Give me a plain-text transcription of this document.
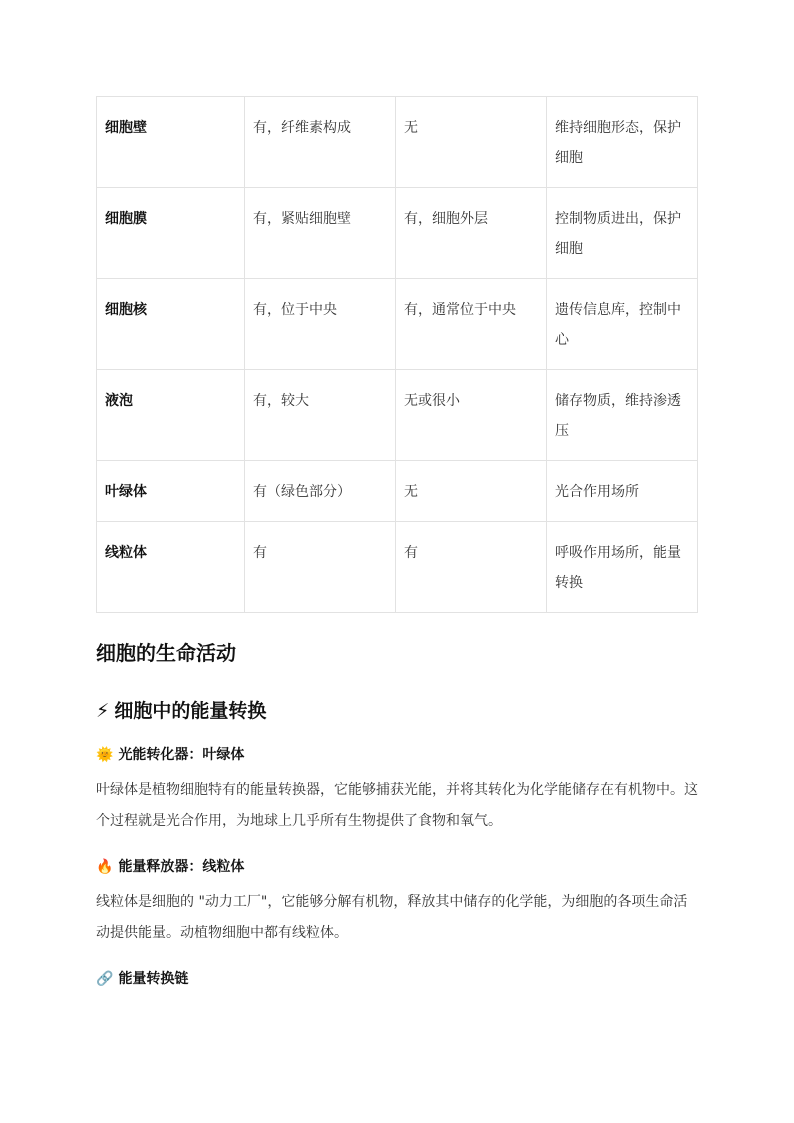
细胞壁	有，纤维素构成	无	维持细胞形态，保护细胞
细胞膜	有，紧贴细胞壁	有，细胞外层	控制物质进出，保护细胞
细胞核	有，位于中央	有，通常位于中央	遗传信息库，控制中心
液泡	有，较大	无或很小	储存物质，维持渗透压
叶绿体	有（绿色部分）	无	光合作用场所
线粒体	有	有	呼吸作用场所，能量转换
细胞的生命活动
⚡ 细胞中的能量转换
🌞 光能转化器：叶绿体

叶绿体是植物细胞特有的能量转换器，它能够捕获光能，并将其转化为化学能储存在有机物中。这个过程就是光合作用，为地球上几乎所有生物提供了食物和氧气。

🔥 能量释放器：线粒体

线粒体是细胞的 "动力工厂"，它能够分解有机物，释放其中储存的化学能，为细胞的各项生命活动提供能量。动植物细胞中都有线粒体。

🔗 能量转换链
